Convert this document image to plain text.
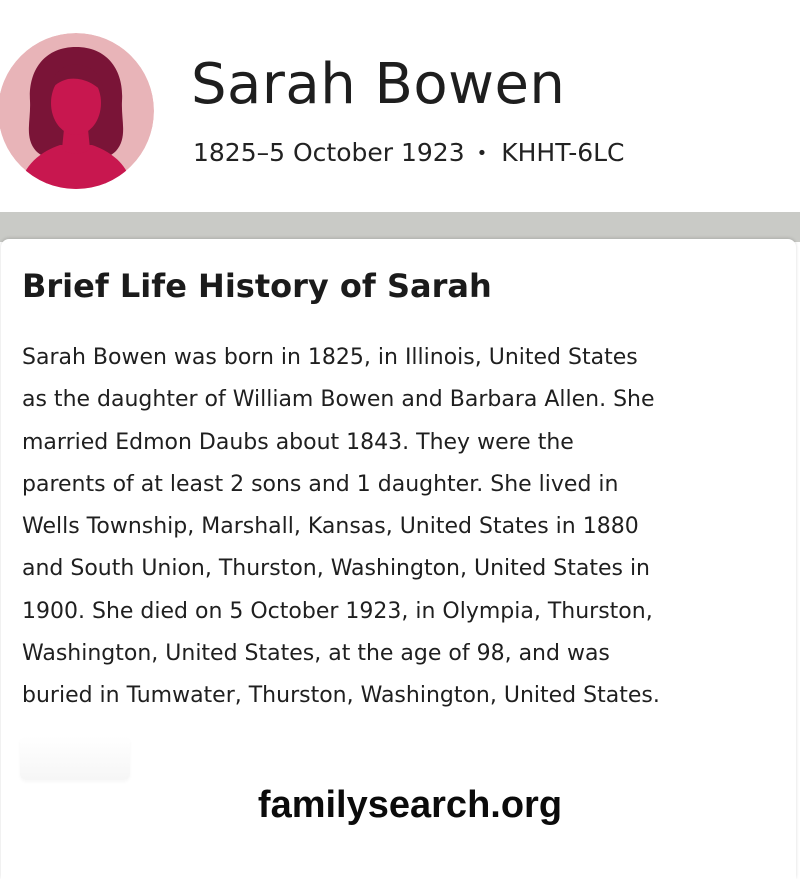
Sarah Bowen
1825–5 October 1923 • KHHT-6LC
Brief Life History of Sarah
Sarah Bowen was born in 1825, in Illinois, United States
as the daughter of William Bowen and Barbara Allen. She
married Edmon Daubs about 1843. They were the
parents of at least 2 sons and 1 daughter. She lived in
Wells Township, Marshall, Kansas, United States in 1880
and South Union, Thurston, Washington, United States in
1900. She died on 5 October 1923, in Olympia, Thurston,
Washington, United States, at the age of 98, and was
buried in Tumwater, Thurston, Washington, United States.
familysearch.org
